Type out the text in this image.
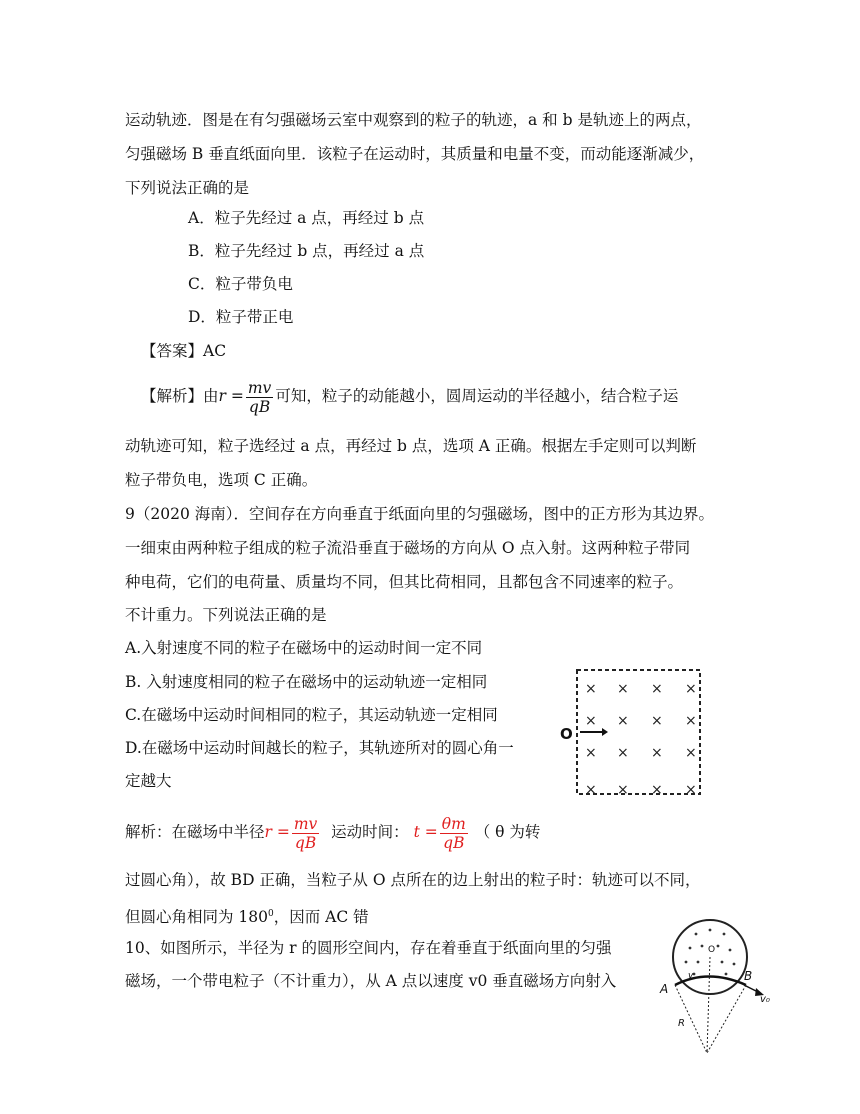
运动轨迹．图是在有匀强磁场云室中观察到的粒子的轨迹，a 和 b 是轨迹上的两点，
匀强磁场 B 垂直纸面向里．该粒子在运动时，其质量和电量不变，而动能逐渐减少，
下列说法正确的是
A．粒子先经过 a 点，再经过 b 点
B．粒子先经过 b 点，再经过 a 点
C．粒子带负电
D．粒子带正电
【答案】AC
【解析】由$r = \frac{mv}{qB}$ 可知，粒子的动能越小，圆周运动的半径越小，结合粒子运
动轨迹可知，粒子选经过 a 点，再经过 b 点，选项 A 正确。根据左手定则可以判断
粒子带负电，选项 C 正确。
9（2020 海南）．空间存在方向垂直于纸面向里的匀强磁场，图中的正方形为其边界。
一细束由两种粒子组成的粒子流沿垂直于磁场的方向从 O 点入射。这两种粒子带同
种电荷，它们的电荷量、质量均不同，但其比荷相同，且都包含不同速率的粒子。
不计重力。下列说法正确的是
A.入射速度不同的粒子在磁场中的运动时间一定不同
B. 入射速度相同的粒子在磁场中的运动轨迹一定相同
C.在磁场中运动时间相同的粒子，其运动轨迹一定相同
D.在磁场中运动时间越长的粒子，其轨迹所对的圆心角一
定越大
× × × ×
× × × ×
× × × ×
× × × ×
O
解析：在磁场中半径$r = \frac{mv}{qB}$ 运动时间： $t = \frac{\theta m}{qB}$ （ θ 为转
过圆心角），故 BD 正确，当粒子从 O 点所在的边上射出的粒子时：轨迹可以不同，
但圆心角相同为 $180^0$，因而 AC 错
10、如图所示，半径为 r 的圆形空间内，存在着垂直于纸面向里的匀强
磁场，一个带电粒子（不计重力），从 A 点以速度 v0 垂直磁场方向射入
O
A
B
v₀
v
R
